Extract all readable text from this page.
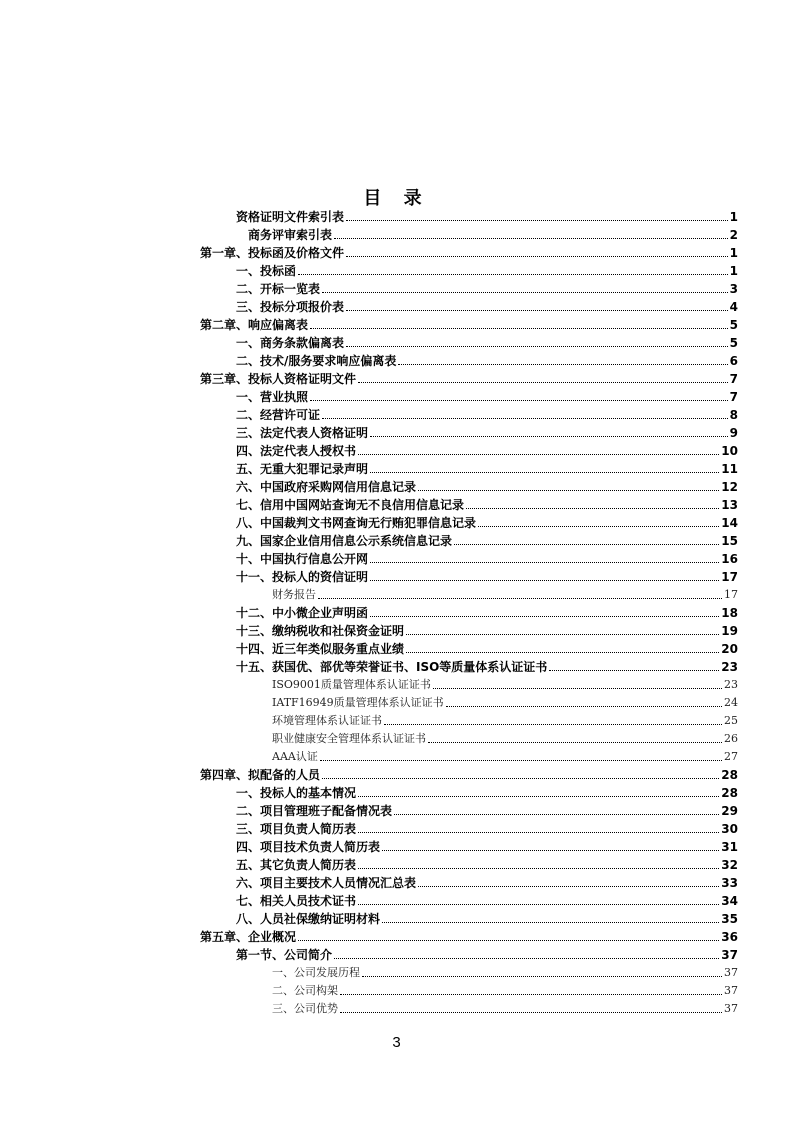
目 录
资格证明文件索引表	1
商务评审索引表	2
第一章、投标函及价格文件	1
一、投标函	1
二、开标一览表	3
三、投标分项报价表	4
第二章、响应偏离表	5
一、商务条款偏离表	5
二、技术/服务要求响应偏离表	6
第三章、投标人资格证明文件	7
一、营业执照	7
二、经营许可证	8
三、法定代表人资格证明	9
四、法定代表人授权书	10
五、无重大犯罪记录声明	11
六、中国政府采购网信用信息记录	12
七、信用中国网站查询无不良信用信息记录	13
八、中国裁判文书网查询无行贿犯罪信息记录	14
九、国家企业信用信息公示系统信息记录	15
十、中国执行信息公开网	16
十一、投标人的资信证明	17
财务报告	17
十二、中小微企业声明函	18
十三、缴纳税收和社保资金证明	19
十四、近三年类似服务重点业绩	20
十五、获国优、部优等荣誉证书、ISO等质量体系认证证书	23
ISO9001质量管理体系认证证书	23
IATF16949质量管理体系认证证书	24
环境管理体系认证证书	25
职业健康安全管理体系认证证书	26
AAA认证	27
第四章、拟配备的人员	28
一、投标人的基本情况	28
二、项目管理班子配备情况表	29
三、项目负责人简历表	30
四、项目技术负责人简历表	31
五、其它负责人简历表	32
六、项目主要技术人员情况汇总表	33
七、相关人员技术证书	34
八、人员社保缴纳证明材料	35
第五章、企业概况	36
第一节、公司简介	37
一、公司发展历程	37
二、公司构架	37
三、公司优势	37
3
